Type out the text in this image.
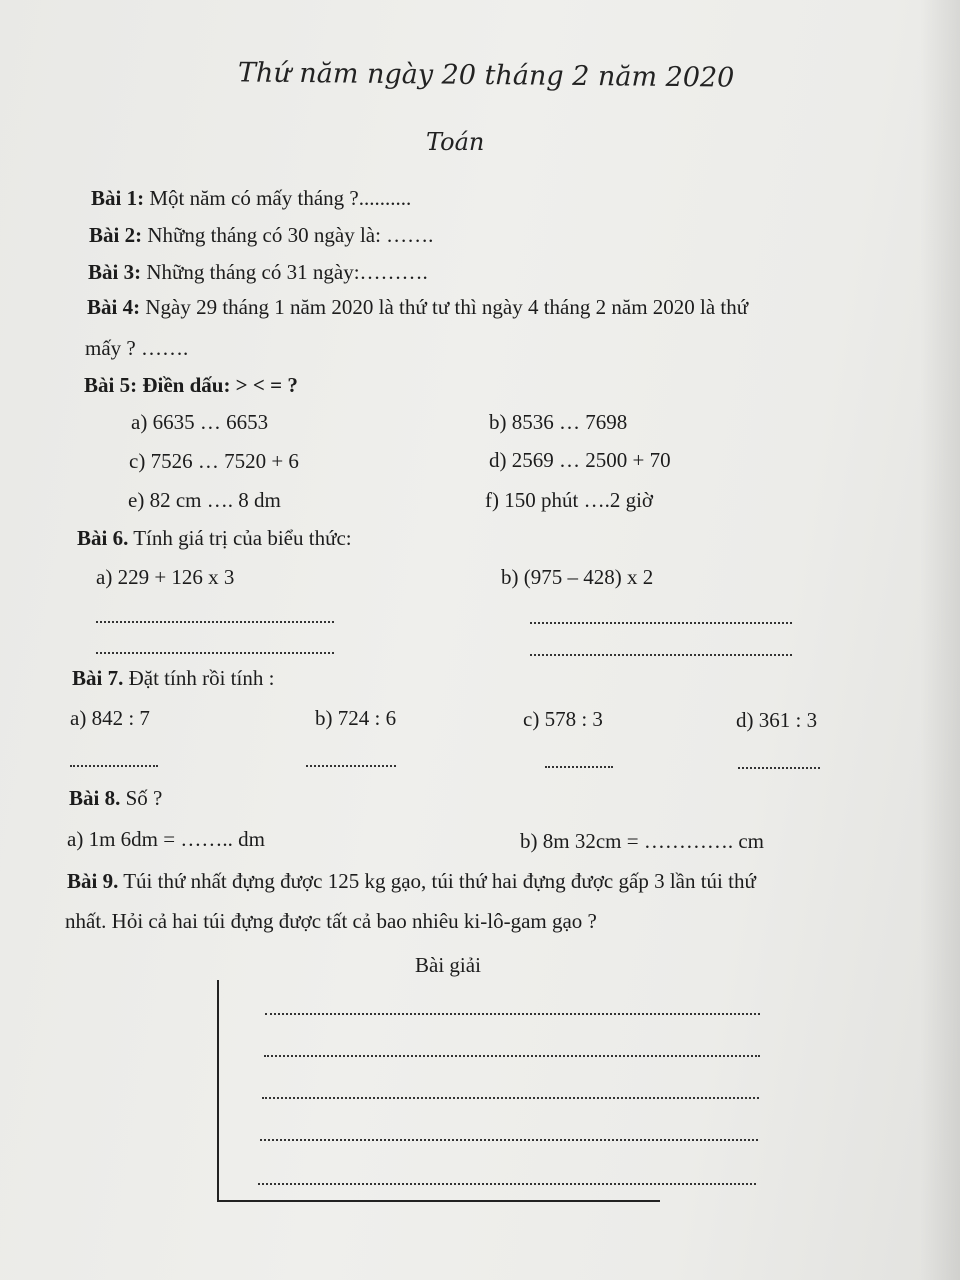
Thứ năm ngày 20 tháng 2 năm 2020
Toán
Bài 1: Một năm có mấy tháng ?..........
Bài 2: Những tháng có 30 ngày là: …….
Bài 3: Những tháng có 31 ngày:……….
Bài 4: Ngày 29 tháng 1 năm 2020 là thứ tư thì ngày 4 tháng 2 năm 2020 là thứ
mấy ? …….
Bài 5: Điền dấu: > < = ?
a) 6635 … 6653	b) 8536 … 7698
c) 7526 … 7520 + 6	d) 2569 … 2500 + 70
e) 82 cm …. 8 dm	f) 150 phút ….2 giờ
Bài 6. Tính giá trị của biểu thức:
a) 229 + 126 x 3	b) (975 – 428) x 2
Bài 7. Đặt tính rồi tính :
a) 842 : 7	b) 724 : 6	c) 578 : 3	d) 361 : 3
Bài 8. Số ?
a) 1m 6dm = …….. dm	b) 8m 32cm = …………. cm
Bài 9. Túi thứ nhất đựng được 125 kg gạo, túi thứ hai đựng được gấp 3 lần túi thứ
nhất. Hỏi cả hai túi đựng được tất cả bao nhiêu ki-lô-gam gạo ?
Bài giải
